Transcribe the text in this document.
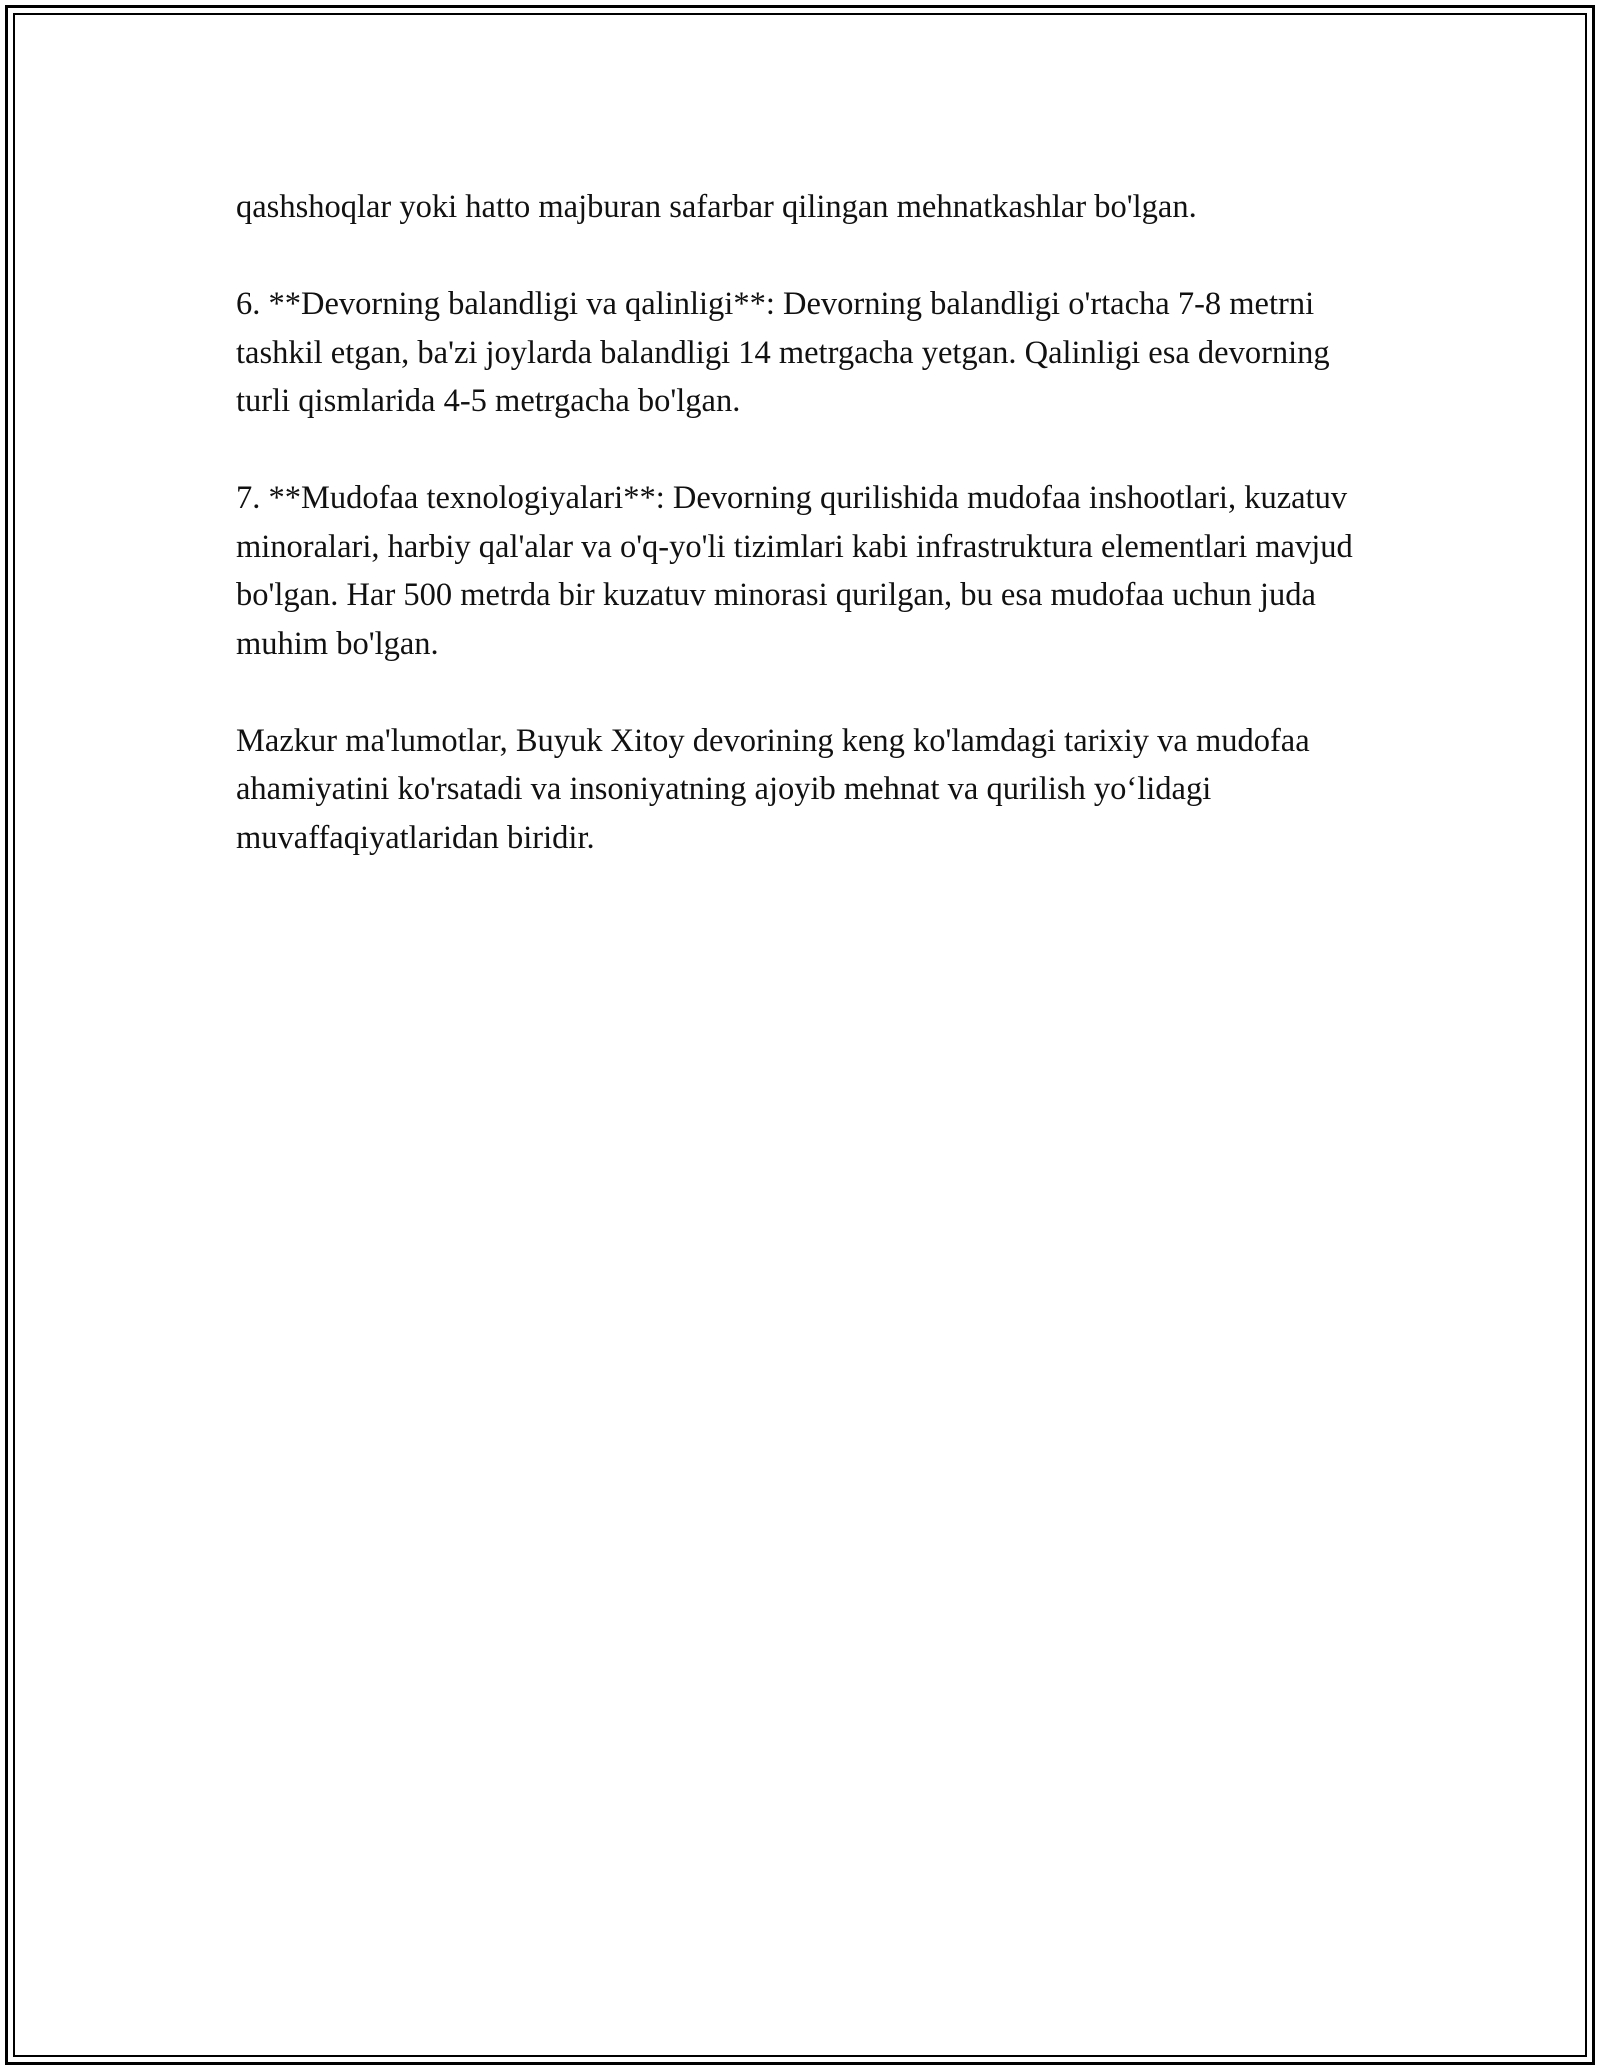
qashshoqlar yoki hatto majburan safarbar qilingan mehnatkashlar bo'lgan.

6. **Devorning balandligi va qalinligi**: Devorning balandligi o'rtacha 7-8 metrni tashkil etgan, ba'zi joylarda balandligi 14 metrgacha yetgan. Qalinligi esa devorning turli qismlarida 4-5 metrgacha bo'lgan.

7. **Mudofaa texnologiyalari**: Devorning qurilishida mudofaa inshootlari, kuzatuv minoralari, harbiy qal'alar va o'q-yo'li tizimlari kabi infrastruktura elementlari mavjud bo'lgan. Har 500 metrda bir kuzatuv minorasi qurilgan, bu esa mudofaa uchun juda muhim bo'lgan.

Mazkur ma'lumotlar, Buyuk Xitoy devorining keng ko'lamdagi tarixiy va mudofaa ahamiyatini ko'rsatadi va insoniyatning ajoyib mehnat va qurilish yo‘lidagi muvaffaqiyatlaridan biridir.
